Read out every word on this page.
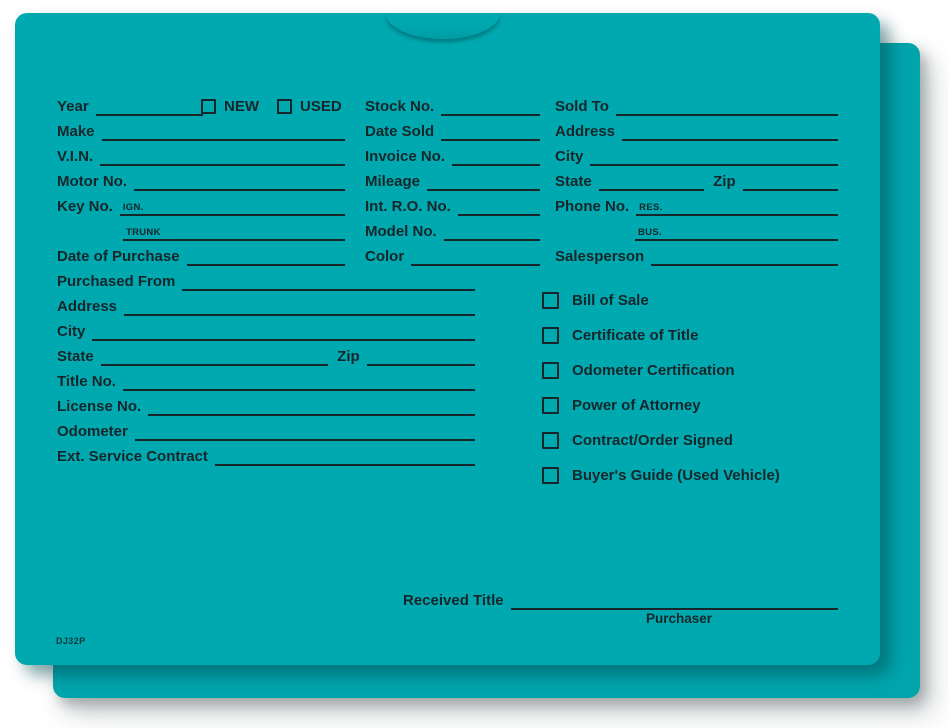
Year	NEW	USED
Make
V.I.N.
Motor No.
Key No. IGN.
TRUNK
Date of Purchase
Stock No.
Date Sold
Invoice No.
Mileage
Int. R.O. No.
Model No.
Color
Sold To
Address
City
State	Zip
Phone No. RES.
BUS.
Salesperson
Purchased From
Address
City
State	Zip
Title No.
License No.
Odometer
Ext. Service Contract
Bill of Sale
Certificate of Title
Odometer Certification
Power of Attorney
Contract/Order Signed
Buyer's Guide (Used Vehicle)
Received Title
Purchaser
DJ32P
